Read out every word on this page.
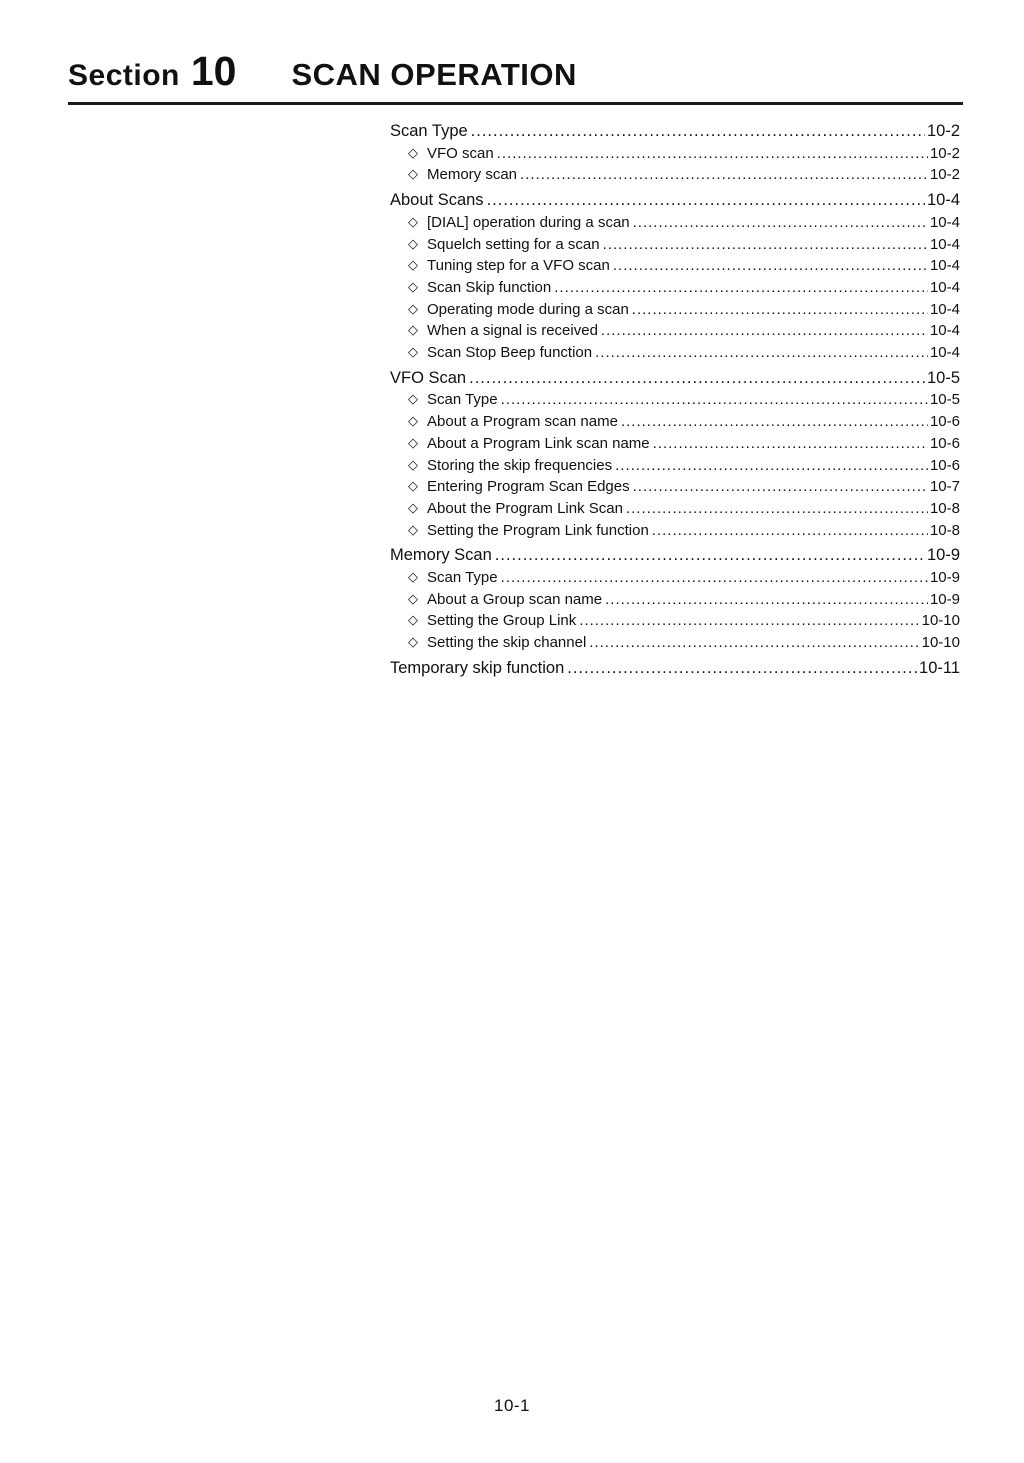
Section 10 SCAN OPERATION
Scan Type .....	10-2
◇ VFO scan .....	10-2
◇ Memory scan .....	10-2
About Scans .....	10-4
◇ [DIAL] operation during a scan .....	10-4
◇ Squelch setting for a scan .....	10-4
◇ Tuning step for a VFO scan .....	10-4
◇ Scan Skip function .....	10-4
◇ Operating mode during a scan .....	10-4
◇ When a signal is received .....	10-4
◇ Scan Stop Beep function .....	10-4
VFO Scan .....	10-5
◇ Scan Type .....	10-5
◇ About a Program scan name .....	10-6
◇ About a Program Link scan name .....	10-6
◇ Storing the skip frequencies .....	10-6
◇ Entering Program Scan Edges .....	10-7
◇ About the Program Link Scan .....	10-8
◇ Setting the Program Link function .....	10-8
Memory Scan .....	10-9
◇ Scan Type .....	10-9
◇ About a Group scan name .....	10-9
◇ Setting the Group Link .....	10-10
◇ Setting the skip channel .....	10-10
Temporary skip function .....	10-11
10-1
